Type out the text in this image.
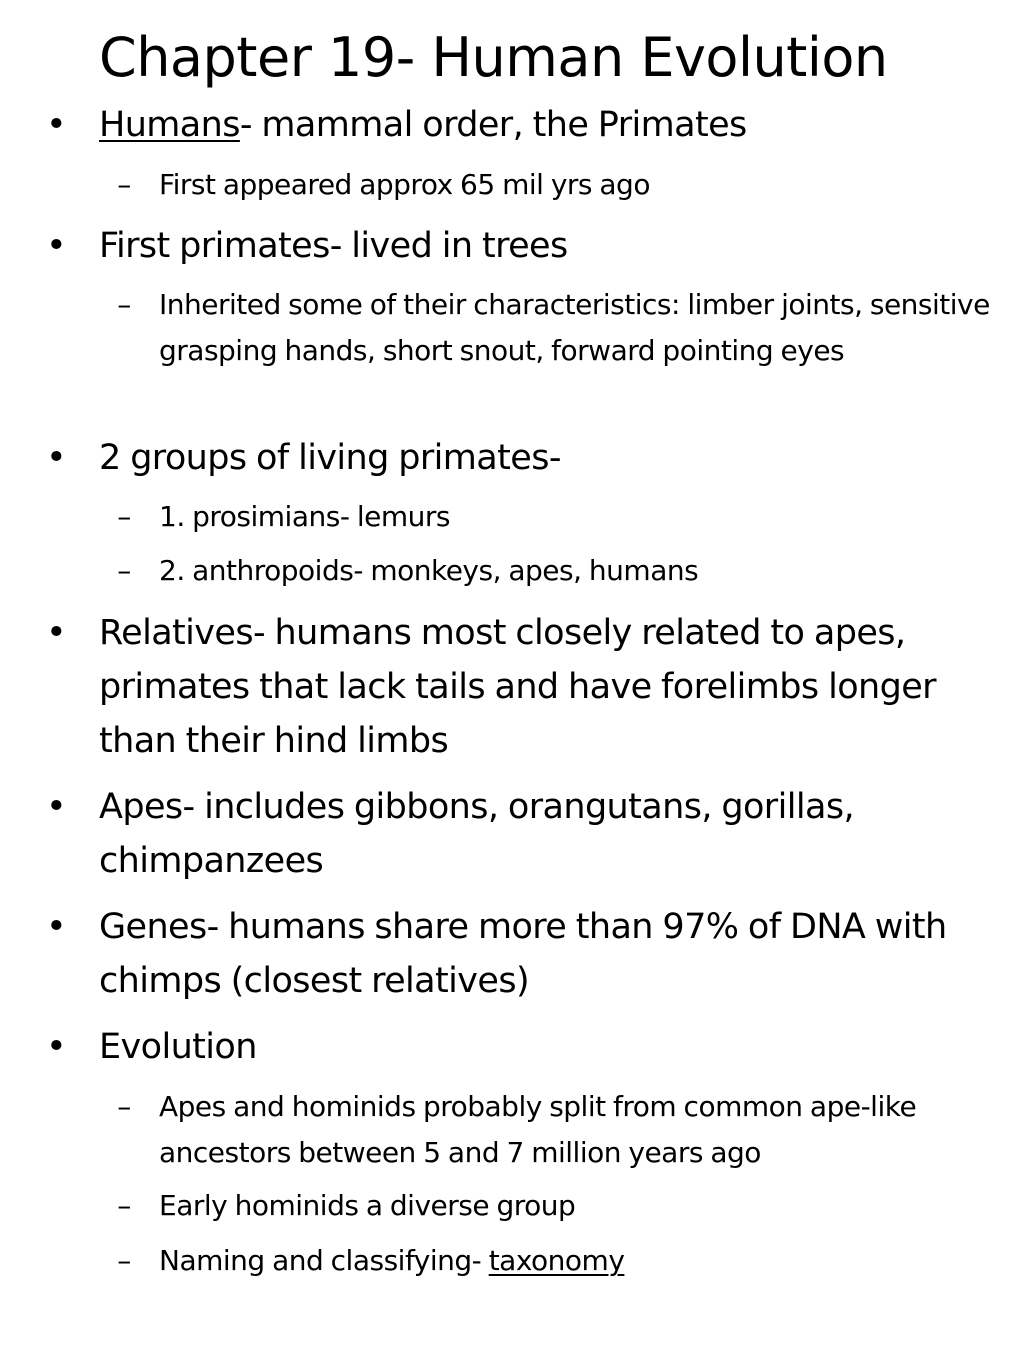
Chapter 19- Human Evolution
• Humans- mammal order, the Primates
– First appeared approx 65 mil yrs ago
• First primates- lived in trees
– Inherited some of their characteristics: limber joints, sensitive grasping hands, short snout, forward pointing eyes
• 2 groups of living primates-
– 1. prosimians- lemurs
– 2. anthropoids- monkeys, apes, humans
• Relatives- humans most closely related to apes, primates that lack tails and have forelimbs longer than their hind limbs
• Apes- includes gibbons, orangutans, gorillas, chimpanzees
• Genes- humans share more than 97% of DNA with chimps (closest relatives)
• Evolution
– Apes and hominids probably split from common ape-like ancestors between 5 and 7 million years ago
– Early hominids a diverse group
– Naming and classifying- taxonomy
